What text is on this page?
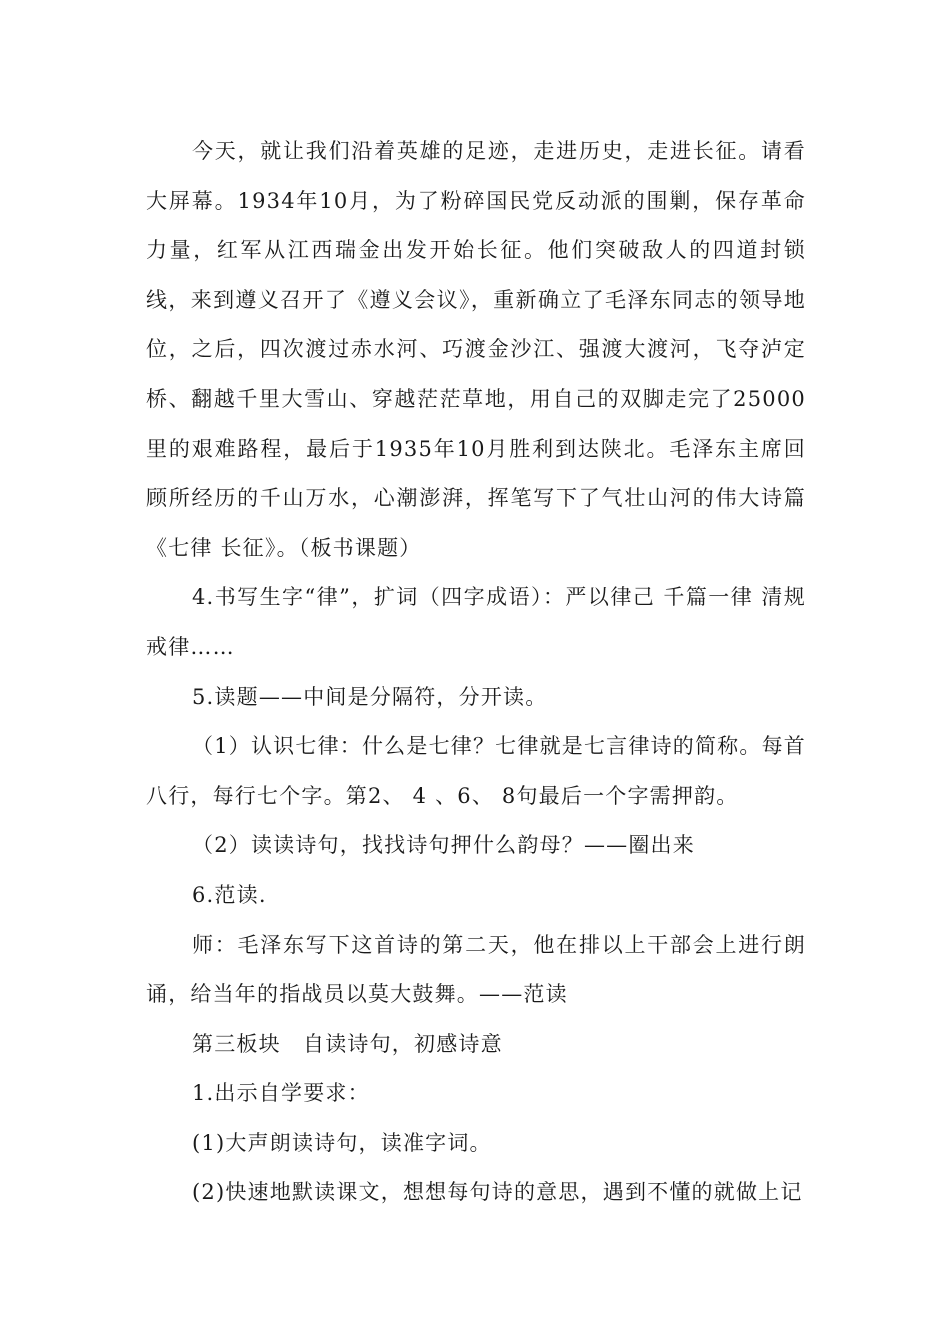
今天，就让我们沿着英雄的足迹，走进历史，走进长征。请看大屏幕。1934年10月，为了粉碎国民党反动派的围剿，保存革命力量，红军从江西瑞金出发开始长征。他们突破敌人的四道封锁线，来到遵义召开了《遵义会议》，重新确立了毛泽东同志的领导地位，之后，四次渡过赤水河、巧渡金沙江、强渡大渡河，飞夺泸定桥、翻越千里大雪山、穿越茫茫草地，用自己的双脚走完了25000里的艰难路程，最后于1935年10月胜利到达陕北。毛泽东主席回顾所经历的千山万水，心潮澎湃，挥笔写下了气壮山河的伟大诗篇《七律 长征》。（板书课题）

4.书写生字“律”，扩词（四字成语）：严以律己 千篇一律 清规戒律……

5.读题——中间是分隔符，分开读。

（1）认识七律：什么是七律？七律就是七言律诗的简称。每首八行，每行七个字。第2、 4 、6、 8句最后一个字需押韵。

（2）读读诗句，找找诗句押什么韵母？——圈出来

6.范读.

师：毛泽东写下这首诗的第二天，他在排以上干部会上进行朗诵，给当年的指战员以莫大鼓舞。——范读

第三板块　自读诗句，初感诗意

1.出示自学要求：

(1)大声朗读诗句，读准字词。

(2)快速地默读课文，想想每句诗的意思，遇到不懂的就做上记
